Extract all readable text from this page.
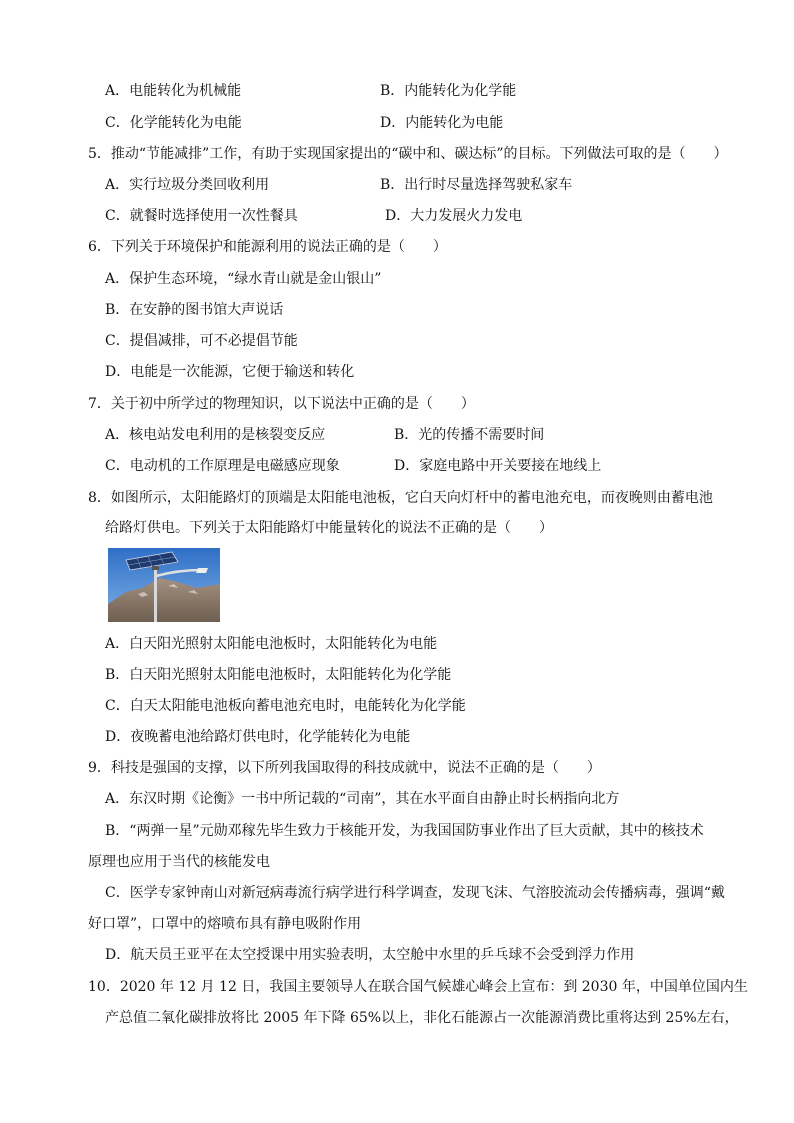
A．电能转化为机械能	B．内能转化为化学能
C．化学能转化为电能	D．内能转化为电能
5．推动“节能减排”工作，有助于实现国家提出的“碳中和、碳达标”的目标。下列做法可取的是（　　）
A．实行垃圾分类回收利用	B．出行时尽量选择驾驶私家车
C．就餐时选择使用一次性餐具	D．大力发展火力发电
6．下列关于环境保护和能源利用的说法正确的是（　　）
A．保护生态环境，“绿水青山就是金山银山”
B．在安静的图书馆大声说话
C．提倡减排，可不必提倡节能
D．电能是一次能源，它便于输送和转化
7．关于初中所学过的物理知识，以下说法中正确的是（　　）
A．核电站发电利用的是核裂变反应	B．光的传播不需要时间
C．电动机的工作原理是电磁感应现象	D．家庭电路中开关要接在地线上
8．如图所示，太阳能路灯的顶端是太阳能电池板，它白天向灯杆中的蓄电池充电，而夜晚则由蓄电池
给路灯供电。下列关于太阳能路灯中能量转化的说法不正确的是（　　）
A．白天阳光照射太阳能电池板时，太阳能转化为电能
B．白天阳光照射太阳能电池板时，太阳能转化为化学能
C．白天太阳能电池板向蓄电池充电时，电能转化为化学能
D．夜晚蓄电池给路灯供电时，化学能转化为电能
9．科技是强国的支撑，以下所列我国取得的科技成就中，说法不正确的是（　　）
A．东汉时期《论衡》一书中所记载的“司南”，其在水平面自由静止时长柄指向北方
B．“两弹一星”元勋邓稼先毕生致力于核能开发，为我国国防事业作出了巨大贡献，其中的核技术
原理也应用于当代的核能发电
C．医学专家钟南山对新冠病毒流行病学进行科学调查，发现飞沫、气溶胶流动会传播病毒，强调“戴
好口罩”，口罩中的熔喷布具有静电吸附作用
D．航天员王亚平在太空授课中用实验表明，太空舱中水里的乒乓球不会受到浮力作用
10．2020 年 12 月 12 日，我国主要领导人在联合国气候雄心峰会上宣布：到 2030 年，中国单位国内生
产总值二氧化碳排放将比 2005 年下降 65%以上，非化石能源占一次能源消费比重将达到 25%左右，
